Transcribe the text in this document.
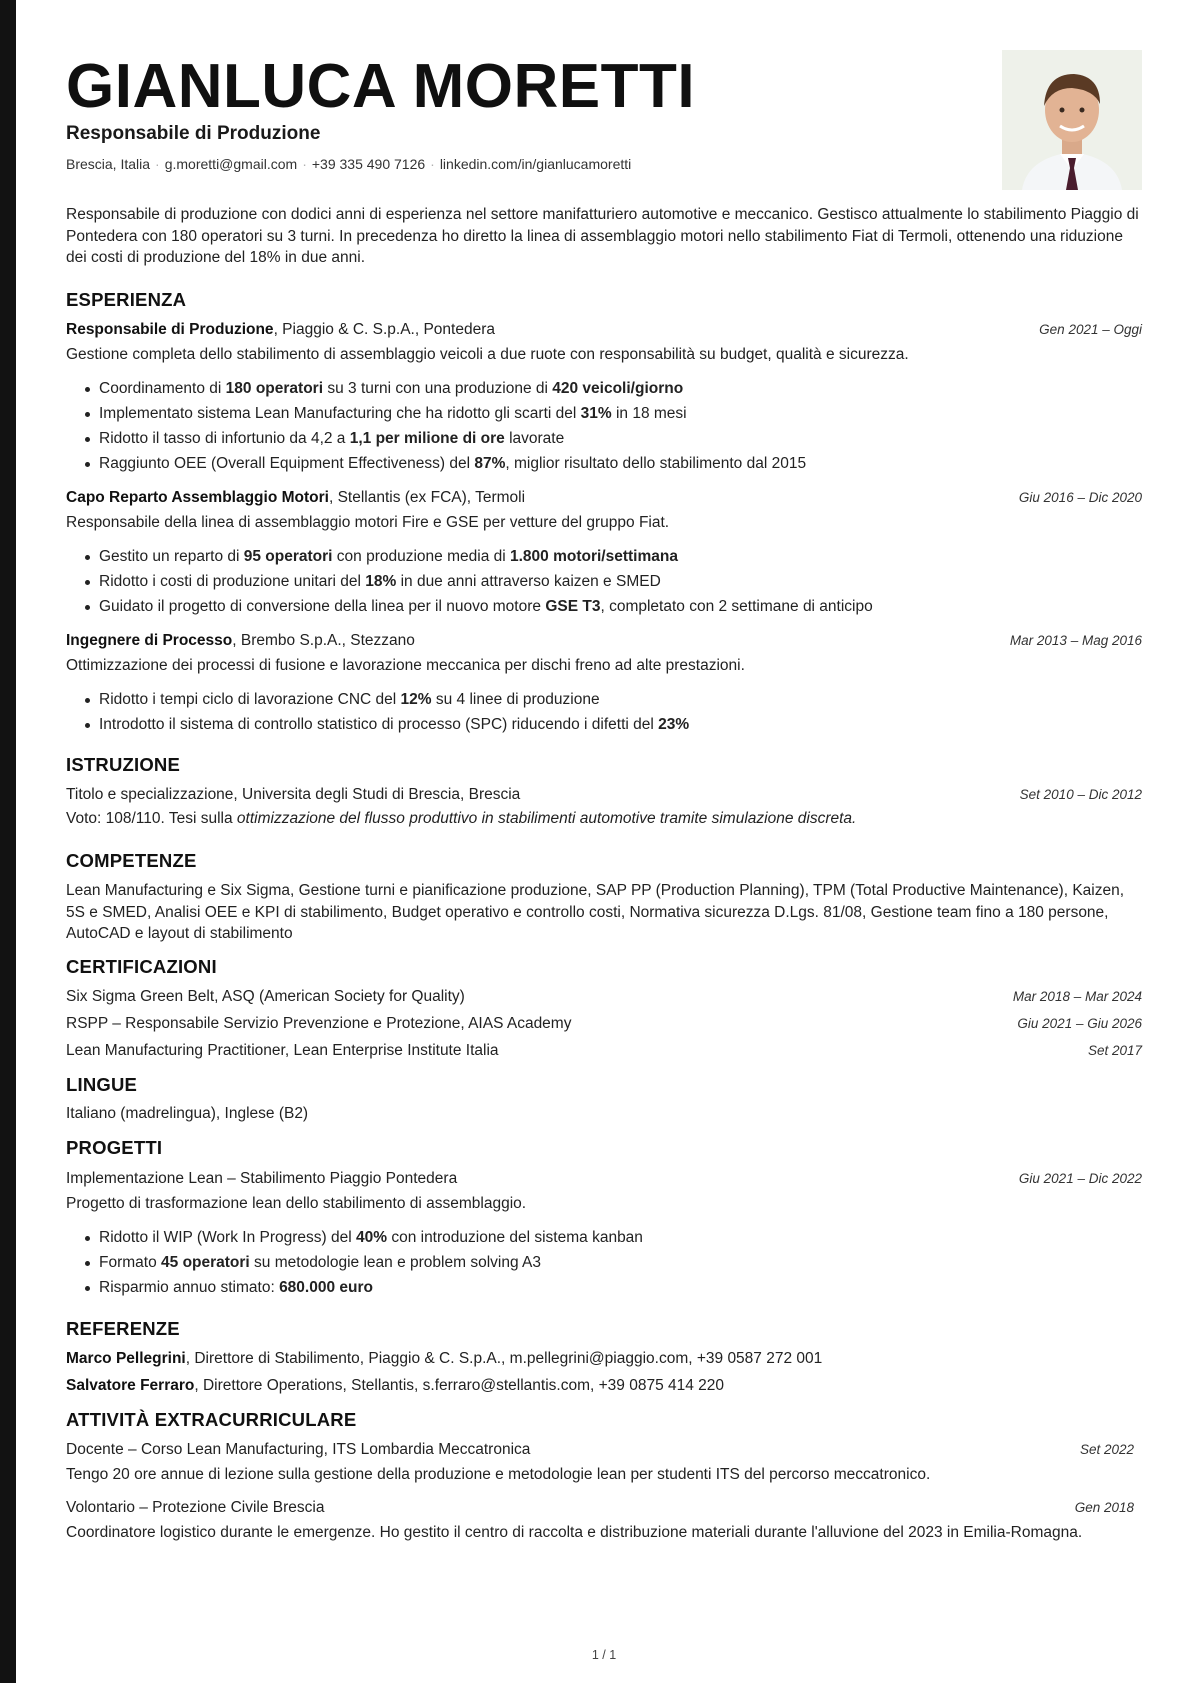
GIANLUCA MORETTI
Responsabile di Produzione
Brescia, Italia · g.moretti@gmail.com · +39 335 490 7126 · linkedin.com/in/gianlucamoretti
Responsabile di produzione con dodici anni di esperienza nel settore manifatturiero automotive e meccanico. Gestisco attualmente lo stabilimento Piaggio di Pontedera con 180 operatori su 3 turni. In precedenza ho diretto la linea di assemblaggio motori nello stabilimento Fiat di Termoli, ottenendo una riduzione dei costi di produzione del 18% in due anni.
ESPERIENZA
Responsabile di Produzione, Piaggio & C. S.p.A., Pontedera	Gen 2021 – Oggi
Gestione completa dello stabilimento di assemblaggio veicoli a due ruote con responsabilità su budget, qualità e sicurezza.
Coordinamento di 180 operatori su 3 turni con una produzione di 420 veicoli/giorno
Implementato sistema Lean Manufacturing che ha ridotto gli scarti del 31% in 18 mesi
Ridotto il tasso di infortunio da 4,2 a 1,1 per milione di ore lavorate
Raggiunto OEE (Overall Equipment Effectiveness) del 87%, miglior risultato dello stabilimento dal 2015
Capo Reparto Assemblaggio Motori, Stellantis (ex FCA), Termoli	Giu 2016 – Dic 2020
Responsabile della linea di assemblaggio motori Fire e GSE per vetture del gruppo Fiat.
Gestito un reparto di 95 operatori con produzione media di 1.800 motori/settimana
Ridotto i costi di produzione unitari del 18% in due anni attraverso kaizen e SMED
Guidato il progetto di conversione della linea per il nuovo motore GSE T3, completato con 2 settimane di anticipo
Ingegnere di Processo, Brembo S.p.A., Stezzano	Mar 2013 – Mag 2016
Ottimizzazione dei processi di fusione e lavorazione meccanica per dischi freno ad alte prestazioni.
Ridotto i tempi ciclo di lavorazione CNC del 12% su 4 linee di produzione
Introdotto il sistema di controllo statistico di processo (SPC) riducendo i difetti del 23%
ISTRUZIONE
Titolo e specializzazione, Universita degli Studi di Brescia, Brescia	Set 2010 – Dic 2012
Voto: 108/110. Tesi sulla ottimizzazione del flusso produttivo in stabilimenti automotive tramite simulazione discreta.
COMPETENZE
Lean Manufacturing e Six Sigma, Gestione turni e pianificazione produzione, SAP PP (Production Planning), TPM (Total Productive Maintenance), Kaizen, 5S e SMED, Analisi OEE e KPI di stabilimento, Budget operativo e controllo costi, Normativa sicurezza D.Lgs. 81/08, Gestione team fino a 180 persone, AutoCAD e layout di stabilimento
CERTIFICAZIONI
Six Sigma Green Belt, ASQ (American Society for Quality)	Mar 2018 – Mar 2024
RSPP – Responsabile Servizio Prevenzione e Protezione, AIAS Academy	Giu 2021 – Giu 2026
Lean Manufacturing Practitioner, Lean Enterprise Institute Italia	Set 2017
LINGUE
Italiano (madrelingua), Inglese (B2)
PROGETTI
Implementazione Lean – Stabilimento Piaggio Pontedera	Giu 2021 – Dic 2022
Progetto di trasformazione lean dello stabilimento di assemblaggio.
Ridotto il WIP (Work In Progress) del 40% con introduzione del sistema kanban
Formato 45 operatori su metodologie lean e problem solving A3
Risparmio annuo stimato: 680.000 euro
REFERENZE
Marco Pellegrini, Direttore di Stabilimento, Piaggio & C. S.p.A., m.pellegrini@piaggio.com, +39 0587 272 001
Salvatore Ferraro, Direttore Operations, Stellantis, s.ferraro@stellantis.com, +39 0875 414 220
ATTIVITÀ EXTRACURRICULARE
Docente – Corso Lean Manufacturing, ITS Lombardia Meccatronica	Set 2022
Tengo 20 ore annue di lezione sulla gestione della produzione e metodologie lean per studenti ITS del percorso meccatronico.
Volontario – Protezione Civile Brescia	Gen 2018
Coordinatore logistico durante le emergenze. Ho gestito il centro di raccolta e distribuzione materiali durante l'alluvione del 2023 in Emilia-Romagna.
1 / 1
